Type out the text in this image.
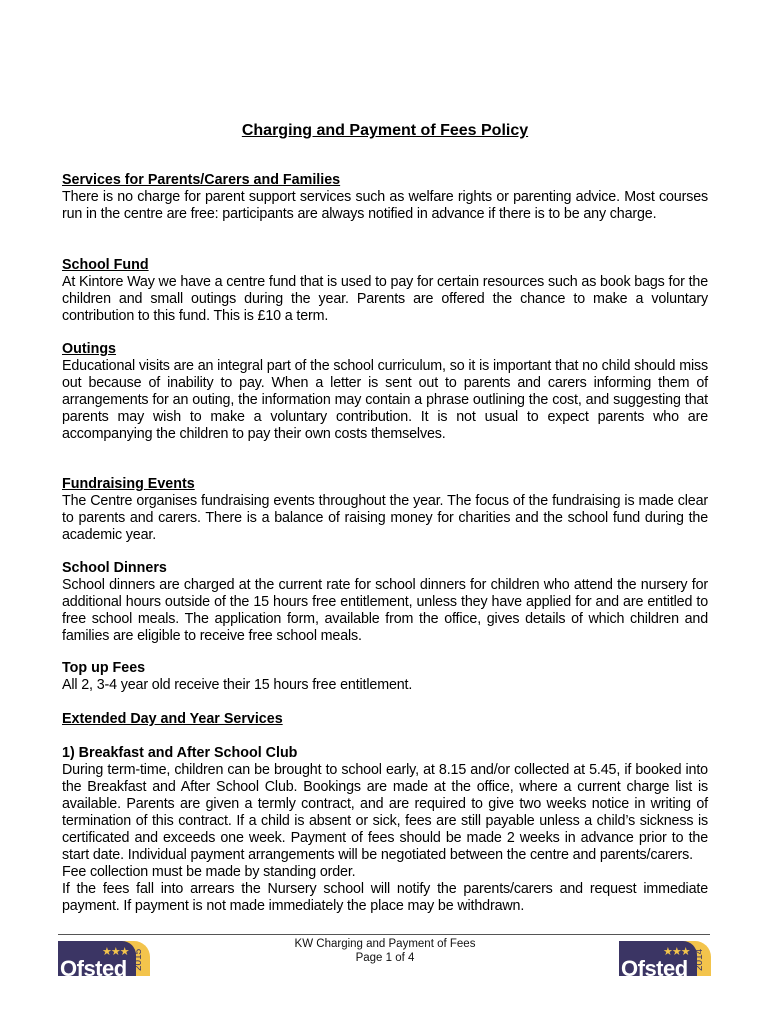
Charging and Payment of Fees Policy
Services for Parents/Carers and Families
There is no charge for parent support services such as welfare rights or parenting advice. Most courses run in the centre are free: participants are always notified in advance if there is to be any charge.
School Fund
At Kintore Way we have a centre fund that is used to pay for certain resources such as book bags for the children and small outings during the year. Parents are offered the chance to make a voluntary contribution to this fund. This is £10 a term.
Outings
Educational visits are an integral part of the school curriculum, so it is important that no child should miss out because of inability to pay. When a letter is sent out to parents and carers informing them of arrangements for an outing, the information may contain a phrase outlining the cost, and suggesting that parents may wish to make a voluntary contribution. It is not usual to expect parents who are accompanying the children to pay their own costs themselves.
Fundraising Events
The Centre organises fundraising events throughout the year. The focus of the fundraising is made clear to parents and carers. There is a balance of raising money for charities and the school fund during the academic year.
School Dinners
School dinners are charged at the current rate for school dinners for children who attend the nursery for additional hours outside of the 15 hours free entitlement, unless they have applied for and are entitled to free school meals. The application form, available from the office, gives details of which children and families are eligible to receive free school meals.
Top up Fees
All 2, 3-4 year old receive their 15 hours free entitlement.
Extended Day and Year Services
1) Breakfast and After School Club
During term-time, children can be brought to school early, at 8.15 and/or collected at 5.45, if booked into the Breakfast and After School Club. Bookings are made at the office, where a current charge list is available. Parents are given a termly contract, and are required to give two weeks notice in writing of termination of this contract. If a child is absent or sick, fees are still payable unless a child’s sickness is certificated and exceeds one week. Payment of fees should be made 2 weeks in advance prior to the start date. Individual payment arrangements will be negotiated between the centre and parents/carers.
Fee collection must be made by standing order.
If the fees fall into arrears the Nursery school will notify the parents/carers and request immediate payment. If payment is not made immediately the place may be withdrawn.
KW Charging and Payment of Fees
Page 1 of 4
★★★
Ofsted 2015	★★★
Ofsted 2014
